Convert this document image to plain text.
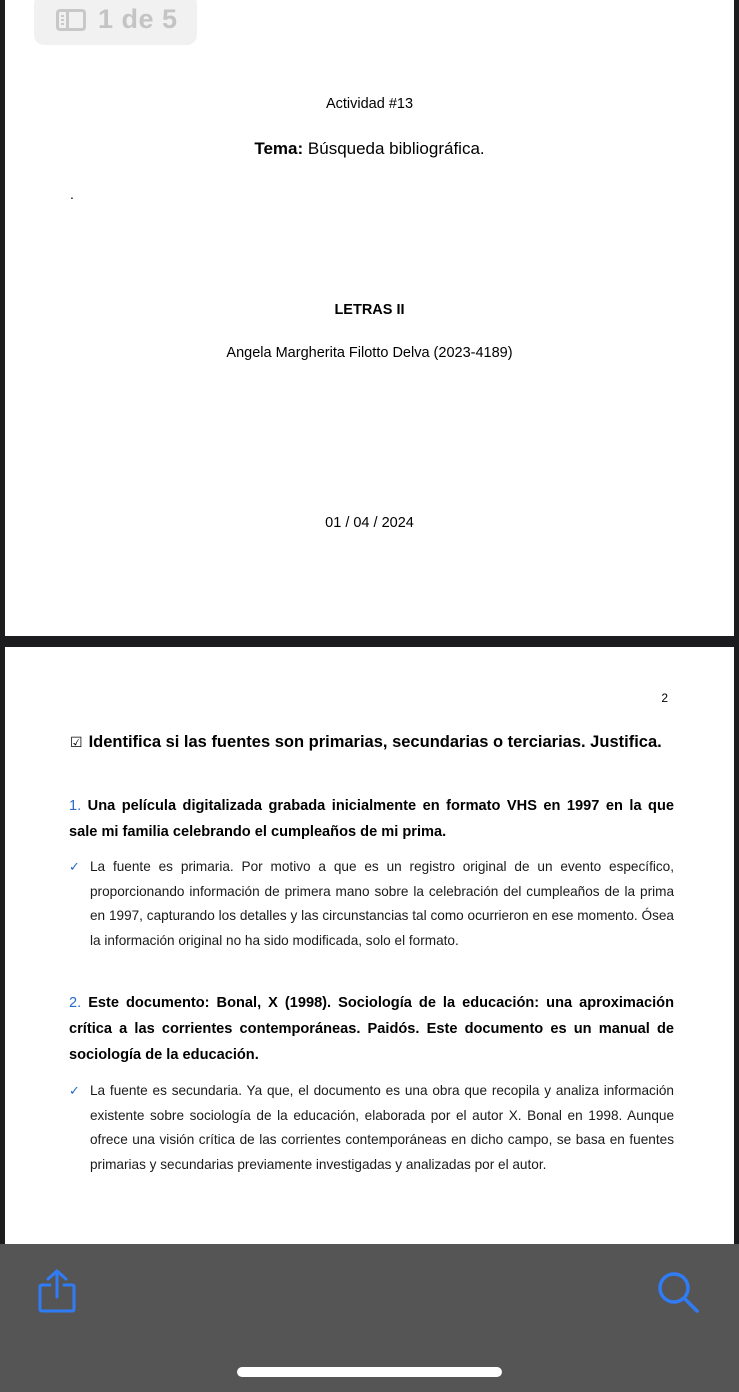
1 de 5
Actividad #13
Tema: Búsqueda bibliográfica.
.
LETRAS II
Angela Margherita Filotto Delva (2023-4189)
01 / 04 / 2024
2
☑ Identifica si las fuentes son primarias, secundarias o terciarias. Justifica.
1. Una película digitalizada grabada inicialmente en formato VHS en 1997 en la que sale mi familia celebrando el cumpleaños de mi prima.
✓ La fuente es primaria. Por motivo a que es un registro original de un evento específico, proporcionando información de primera mano sobre la celebración del cumpleaños de la prima en 1997, capturando los detalles y las circunstancias tal como ocurrieron en ese momento. Ósea la información original no ha sido modificada, solo el formato.
2. Este documento: Bonal, X (1998). Sociología de la educación: una aproximación crítica a las corrientes contemporáneas. Paidós. Este documento es un manual de sociología de la educación.
✓ La fuente es secundaria. Ya que, el documento es una obra que recopila y analiza información existente sobre sociología de la educación, elaborada por el autor X. Bonal en 1998. Aunque ofrece una visión crítica de las corrientes contemporáneas en dicho campo, se basa en fuentes primarias y secundarias previamente investigadas y analizadas por el autor.
